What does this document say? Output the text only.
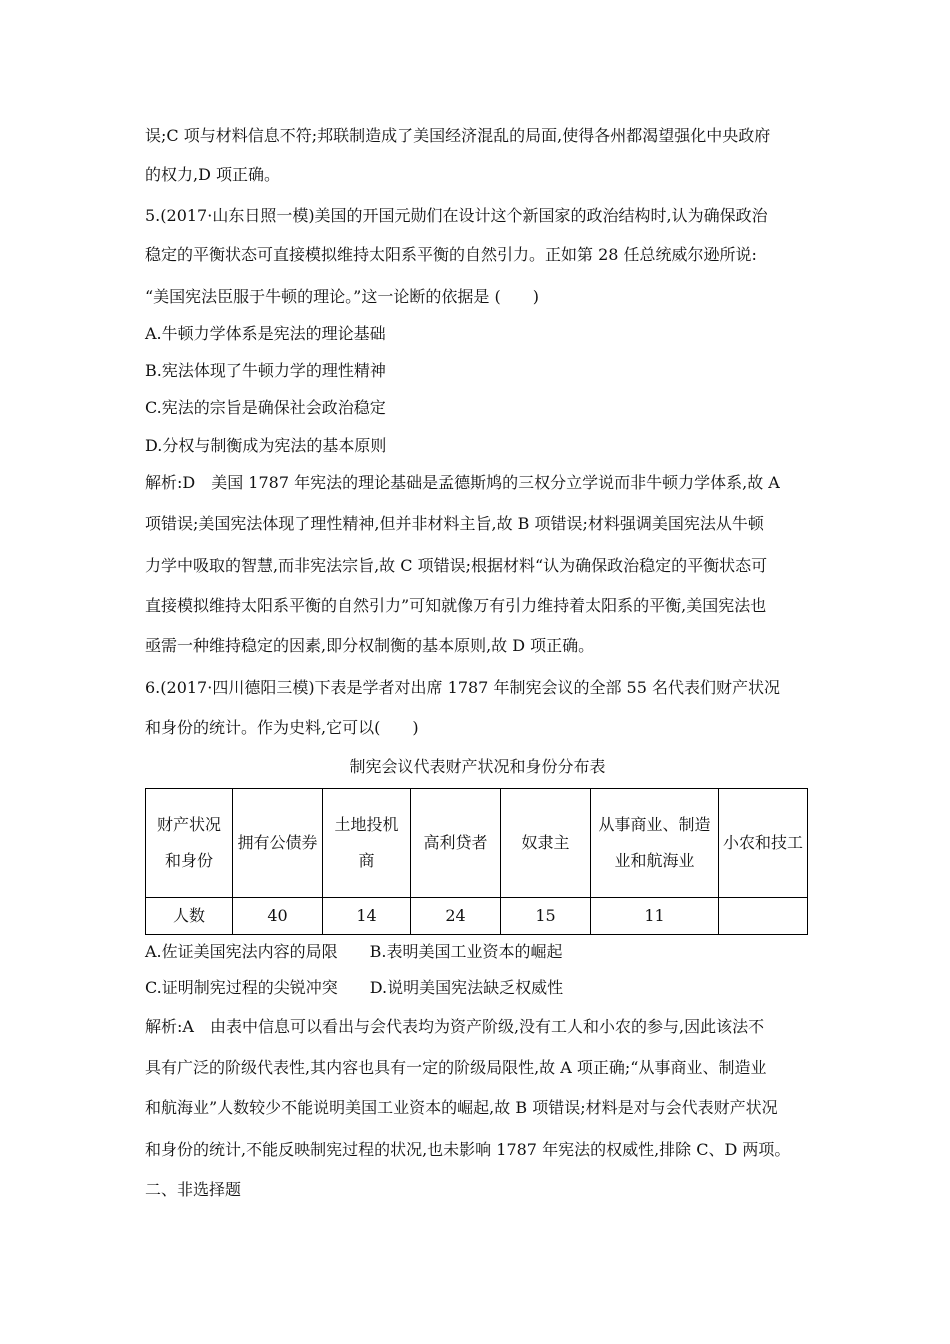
误;C 项与材料信息不符;邦联制造成了美国经济混乱的局面,使得各州都渴望强化中央政府
的权力,D 项正确。
5.(2017·山东日照一模)美国的开国元勋们在设计这个新国家的政治结构时,认为确保政治
稳定的平衡状态可直接模拟维持太阳系平衡的自然引力。正如第 28 任总统威尔逊所说:
“美国宪法臣服于牛顿的理论。”这一论断的依据是 (　　)
A.牛顿力学体系是宪法的理论基础
B.宪法体现了牛顿力学的理性精神
C.宪法的宗旨是确保社会政治稳定
D.分权与制衡成为宪法的基本原则
解析:D　美国 1787 年宪法的理论基础是孟德斯鸠的三权分立学说而非牛顿力学体系,故 A
项错误;美国宪法体现了理性精神,但并非材料主旨,故 B 项错误;材料强调美国宪法从牛顿
力学中吸取的智慧,而非宪法宗旨,故 C 项错误;根据材料“认为确保政治稳定的平衡状态可
直接模拟维持太阳系平衡的自然引力”可知就像万有引力维持着太阳系的平衡,美国宪法也
亟需一种维持稳定的因素,即分权制衡的基本原则,故 D 项正确。
6.(2017·四川德阳三模)下表是学者对出席 1787 年制宪会议的全部 55 名代表们财产状况
和身份的统计。作为史料,它可以(　　)
制宪会议代表财产状况和身份分布表
财产状况和身份	拥有公债券	土地投机商	高利贷者	奴隶主	从事商业、制造业和航海业	小农和技工

人数	40	14	24	15	11	
A.佐证美国宪法内容的局限　　B.表明美国工业资本的崛起
C.证明制宪过程的尖锐冲突　　D.说明美国宪法缺乏权威性
解析:A　由表中信息可以看出与会代表均为资产阶级,没有工人和小农的参与,因此该法不
具有广泛的阶级代表性,其内容也具有一定的阶级局限性,故 A 项正确;“从事商业、制造业
和航海业”人数较少不能说明美国工业资本的崛起,故 B 项错误;材料是对与会代表财产状况
和身份的统计,不能反映制宪过程的状况,也未影响 1787 年宪法的权威性,排除 C、D 两项。
二、非选择题
